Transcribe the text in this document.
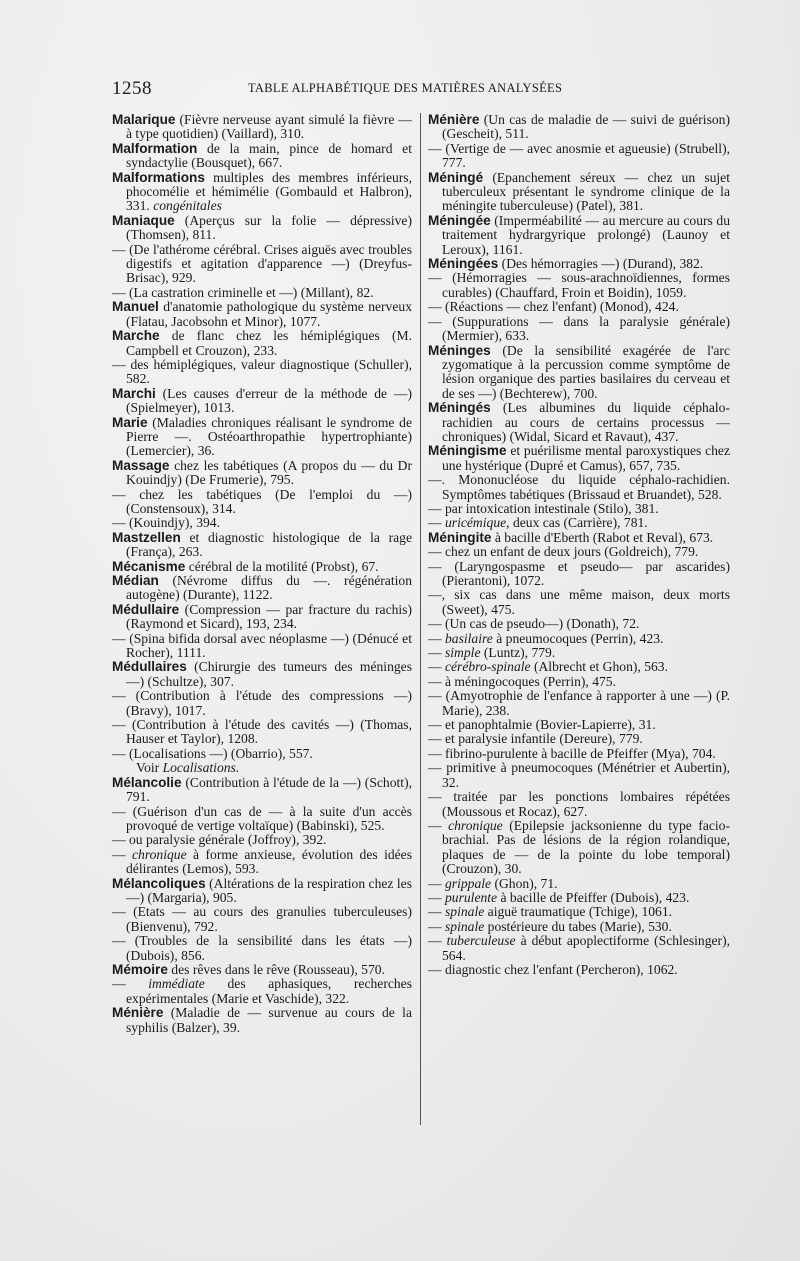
1258	TABLE ALPHABÉTIQUE DES MATIÈRES ANALYSÉES
Malarique (Fièvre nerveuse ayant simulé la fièvre — à type quotidien) (Vaillard), 310.
Malformation de la main, pince de homard et syndactylie (Bousquet), 667.
Malformations multiples des membres inférieurs, phocomélie et hémimélie (Gombauld et Halbron), 331. congénitales
Maniaque (Aperçus sur la folie — dépressive) (Thomsen), 811.
— (De l'athérome cérébral. Crises aiguës avec troubles digestifs et agitation d'apparence —) (Dreyfus-Brisac), 929.
— (La castration criminelle et —) (Millant), 82.
Manuel d'anatomie pathologique du système nerveux (Flatau, Jacobsohn et Minor), 1077.
Marche de flanc chez les hémiplégiques (M. Campbell et Crouzon), 233.
— des hémiplégiques, valeur diagnostique (Schuller), 582.
Marchi (Les causes d'erreur de la méthode de —) (Spielmeyer), 1013.
Marie (Maladies chroniques réalisant le syndrome de Pierre —. Ostéoarthropathie hypertrophiante) (Lemercier), 36.
Massage chez les tabétiques (A propos du — du Dr Kouindjy) (De Frumerie), 795.
— chez les tabétiques (De l'emploi du —) (Constensoux), 314.
— (Kouindjy), 394.
Mastzellen et diagnostic histologique de la rage (França), 263.
Mécanisme cérébral de la motilité (Probst), 67.
Médian (Névrome diffus du —. régénération autogène) (Durante), 1122.
Médullaire (Compression — par fracture du rachis) (Raymond et Sicard), 193, 234.
— (Spina bifida dorsal avec néoplasme —) (Dénucé et Rocher), 1111.
Médullaires (Chirurgie des tumeurs des méninges —) (Schultze), 307.
— (Contribution à l'étude des compressions —) (Bravy), 1017.
— (Contribution à l'étude des cavités —) (Thomas, Hauser et Taylor), 1208.
— (Localisations —) (Obarrio), 557.
Voir Localisations.
Mélancolie (Contribution à l'étude de la —) (Schott), 791.
— (Guérison d'un cas de — à la suite d'un accès provoqué de vertige voltaïque) (Babinski), 525.
— ou paralysie générale (Joffroy), 392.
— chronique à forme anxieuse, évolution des idées délirantes (Lemos), 593.
Mélancoliques (Altérations de la respiration chez les —) (Margaria), 905.
— (Etats — au cours des granulies tuberculeuses) (Bienvenu), 792.
— (Troubles de la sensibilité dans les états —) (Dubois), 856.
Mémoire des rêves dans le rêve (Rousseau), 570.
— immédiate des aphasiques, recherches expérimentales (Marie et Vaschide), 322.
Ménière (Maladie de — survenue au cours de la syphilis (Balzer), 39.
Ménière (Un cas de maladie de — suivi de guérison) (Gescheit), 511.
— (Vertige de — avec anosmie et agueusie) (Strubell), 777.
Méningé (Epanchement séreux — chez un sujet tuberculeux présentant le syndrome clinique de la méningite tuberculeuse) (Patel), 381.
Méningée (Imperméabilité — au mercure au cours du traitement hydrargyrique prolongé) (Launoy et Leroux), 1161.
Méningées (Des hémorragies —) (Durand), 382.
— (Hémorragies — sous-arachnoïdiennes, formes curables) (Chauffard, Froin et Boidin), 1059.
— (Réactions — chez l'enfant) (Monod), 424.
— (Suppurations — dans la paralysie générale) (Mermier), 633.
Méninges (De la sensibilité exagérée de l'arc zygomatique à la percussion comme symptôme de lésion organique des parties basilaires du cerveau et de ses —) (Bechterew), 700.
Méningés (Les albumines du liquide céphalo-rachidien au cours de certains processus — chroniques) (Widal, Sicard et Ravaut), 437.
Méningisme et puérilisme mental paroxystiques chez une hystérique (Dupré et Camus), 657, 735.
—. Mononucléose du liquide céphalo-rachidien. Symptômes tabétiques (Brissaud et Bruandet), 528.
— par intoxication intestinale (Stilo), 381.
— uricémique, deux cas (Carrière), 781.
Méningite à bacille d'Eberth (Rabot et Reval), 673.
— chez un enfant de deux jours (Goldreich), 779.
— (Laryngospasme et pseudo— par ascarides) (Pierantoni), 1072.
—, six cas dans une même maison, deux morts (Sweet), 475.
— (Un cas de pseudo—) (Donath), 72.
— basilaire à pneumocoques (Perrin), 423.
— simple (Luntz), 779.
— cérébro-spinale (Albrecht et Ghon), 563.
— à méningocoques (Perrin), 475.
— (Amyotrophie de l'enfance à rapporter à une —) (P. Marie), 238.
— et panophtalmie (Bovier-Lapierre), 31.
— et paralysie infantile (Dereure), 779.
— fibrino-purulente à bacille de Pfeiffer (Mya), 704.
— primitive à pneumocoques (Ménétrier et Aubertin), 32.
— traitée par les ponctions lombaires répétées (Moussous et Rocaz), 627.
— chronique (Epilepsie jacksonienne du type facio-brachial. Pas de lésions de la région rolandique, plaques de — de la pointe du lobe temporal) (Crouzon), 30.
— grippale (Ghon), 71.
— purulente à bacille de Pfeiffer (Dubois), 423.
— spinale aiguë traumatique (Tchige), 1061.
— spinale postérieure du tabes (Marie), 530.
— tuberculeuse à début apoplectiforme (Schlesinger), 564.
— diagnostic chez l'enfant (Percheron), 1062.
